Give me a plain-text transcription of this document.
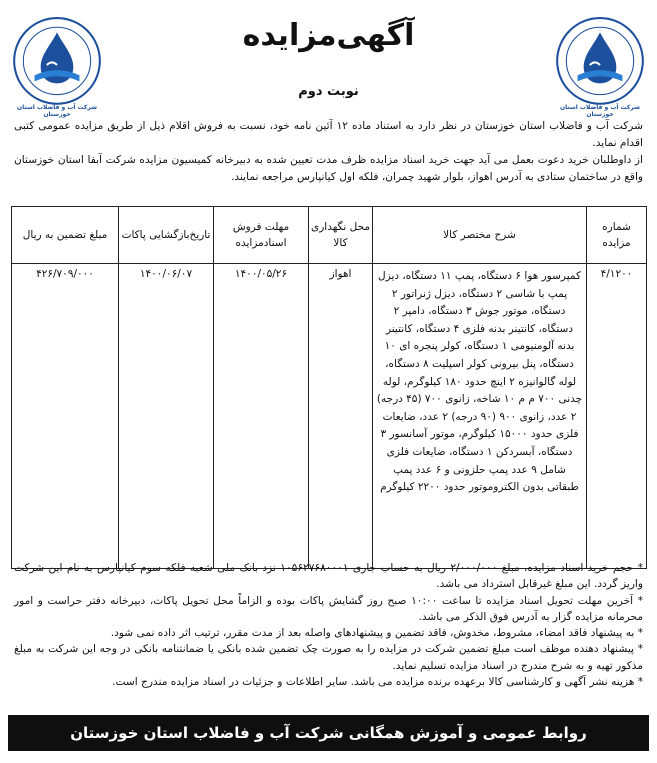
شرکت آب و فاضلاب استان خوزستان
شرکت آب و فاضلاب استان خوزستان
آگهی‌مزایده
نوبت دوم

شرکت آب و فاضلاب استان خوزستان در نظر دارد به استناد ماده ۱۲ آئین نامه خود، نسبت به فروش اقلام ذیل از طریق مزایده عمومی کتبی اقدام نماید.

از داوطلبان خرید دعوت بعمل می آید جهت خرید اسناد مزایده ظرف مدت تعیین شده به دبیرخانه کمیسیون مزایده شرکت آبفا استان خوزستان واقع در ساختمان ستادی به آدرس اهواز، بلوار شهید چمران، فلکه اول کیانپارس مراجعه نمایند.

شماره مزایده	شرح مختصر کالا	محل نگهداری کالا	مهلت فروش اسناد‌مزایده	تاریخ‌بازگشایی پاکات	مبلغ تضمین به ریال
۴/۱۲۰۰	کمپرسور هوا ۶ دستگاه، پمپ ۱۱ دستگاه، دیزل پمپ با شاسی ۲ دستگاه، دیزل ژنراتور ۲ دستگاه، موتور جوش ۳ دستگاه، دامپر ۲ دستگاه، کانتینر بدنه فلزی ۴ دستگاه، کانتینر بدنه آلومنیومی ۱ دستگاه، کولر پنجره ای ۱۰ دستگاه، پنل بیرونی کولر اسپلیت ۸ دستگاه، لوله گالوانیزه ۲ اینچ حدود ۱۸۰ کیلوگرم، لوله چدنی ۷۰۰ م م ۱۰ شاخه، زانوی ۷۰۰ (۴۵ درجه) ۲ عدد، زانوی ۹۰۰ (۹۰ درجه) ۲ عدد، ضایعات فلزی حدود ۱۵۰۰۰ کیلوگرم، موتور آسانسور ۳ دستگاه، آبسردکن ۱ دستگاه، ضایعات فلزی شامل ۹ عدد پمپ حلزونی و ۶ عدد پمپ طبقاتی بدون الکتروموتور حدود ۲۲۰۰ کیلوگرم	اهواز	۱۴۰۰/۰۵/۲۶	۱۴۰۰/۰۶/۰۷	۴۲۶/۷۰۹/۰۰۰

* حجم خرید اسناد مزایده، مبلغ ۲/۰۰۰/۰۰۰ ریال به حساب جاری ۱۰۵۶۲۷۶۸۰۰۰۱ نزد بانک ملی شعبه فلکه سوم کیانپارس به نام این شرکت واریز گردد. این مبلغ غیرقابل استرداد می باشد.

* آخرین مهلت تحویل اسناد مزایده تا ساعت ۱۰:۰۰ صبح روز گشایش پاکات بوده و الزاماً محل تحویل پاکات، دبیرخانه دفتر حراست و امور محرمانه مزایده گزار به آدرس فوق الذکر می باشد.

* به پیشنهاد فاقد امضاء، مشروط، مخدوش، فاقد تضمین و پیشنهادهای واصله بعد از مدت مقرر، ترتیب اثر داده نمی شود.

* پیشنهاد دهنده موظف است مبلغ تضمین شرکت در مزایده را به صورت چک تضمین شده بانکی یا ضمانتنامه بانکی در وجه این شرکت به مبلغ مذکور تهیه و به شرح مندرج در اسناد مزایده تسلیم نماید.

* هزینه نشر آگهی و کارشناسی کالا برعهده برنده مزایده می باشد. سایر اطلاعات و جزئیات در اسناد مزایده مندرج است.

روابط عمومی و آموزش همگانی شرکت آب و فاضلاب استان خوزستان
